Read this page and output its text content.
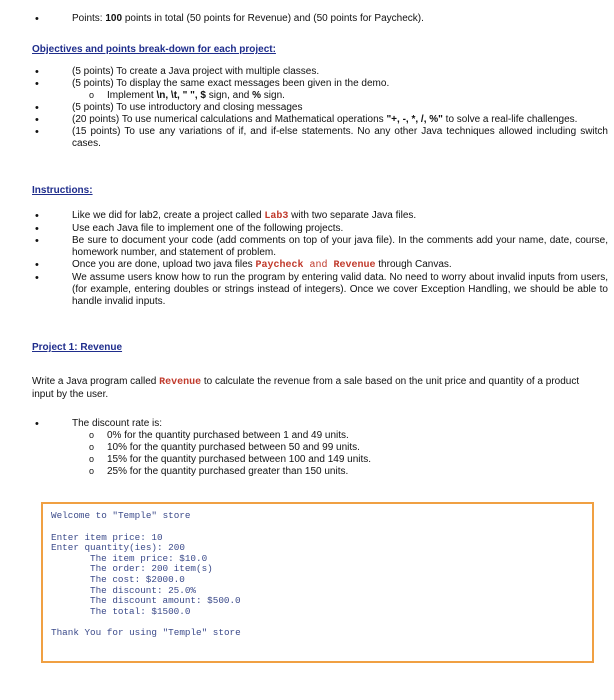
• Points: 100 points in total (50 points for Revenue) and (50 points for Paycheck).
Objectives and points break-down for each project:
• (5 points) To create a Java project with multiple classes.
• (5 points) To display the same exact messages been given in the demo.
o Implement \n, \t, " ", $ sign, and % sign.
• (5 points) To use introductory and closing messages
• (20 points) To use numerical calculations and Mathematical operations "+, -, *, /, %" to solve a real-life challenges.
• (15 points) To use any variations of if, and if-else statements. No any other Java techniques allowed including switch cases.
Instructions:
• Like we did for lab2, create a project called Lab3 with two separate Java files.
• Use each Java file to implement one of the following projects.
• Be sure to document your code (add comments on top of your java file). In the comments add your name, date, course, homework number, and statement of problem.
• Once you are done, upload two java files Paycheck and Revenue through Canvas.
• We assume users know how to run the program by entering valid data. No need to worry about invalid inputs from users, (for example, entering doubles or strings instead of integers). Once we cover Exception Handling, we should be able to handle invalid inputs.
Project 1: Revenue
Write a Java program called Revenue to calculate the revenue from a sale based on the unit price and quantity of a product input by the user.
• The discount rate is:
o 0% for the quantity purchased between 1 and 49 units.
o 10% for the quantity purchased between 50 and 99 units.
o 15% for the quantity purchased between 100 and 149 units.
o 25% for the quantity purchased greater than 150 units.
Welcome to "Temple" store
Enter item price: 10
Enter quantity(ies): 200
The item price: $10.0
The order: 200 item(s)
The cost: $2000.0
The discount: 25.0%
The discount amount: $500.0
The total: $1500.0
Thank You for using "Temple" store
